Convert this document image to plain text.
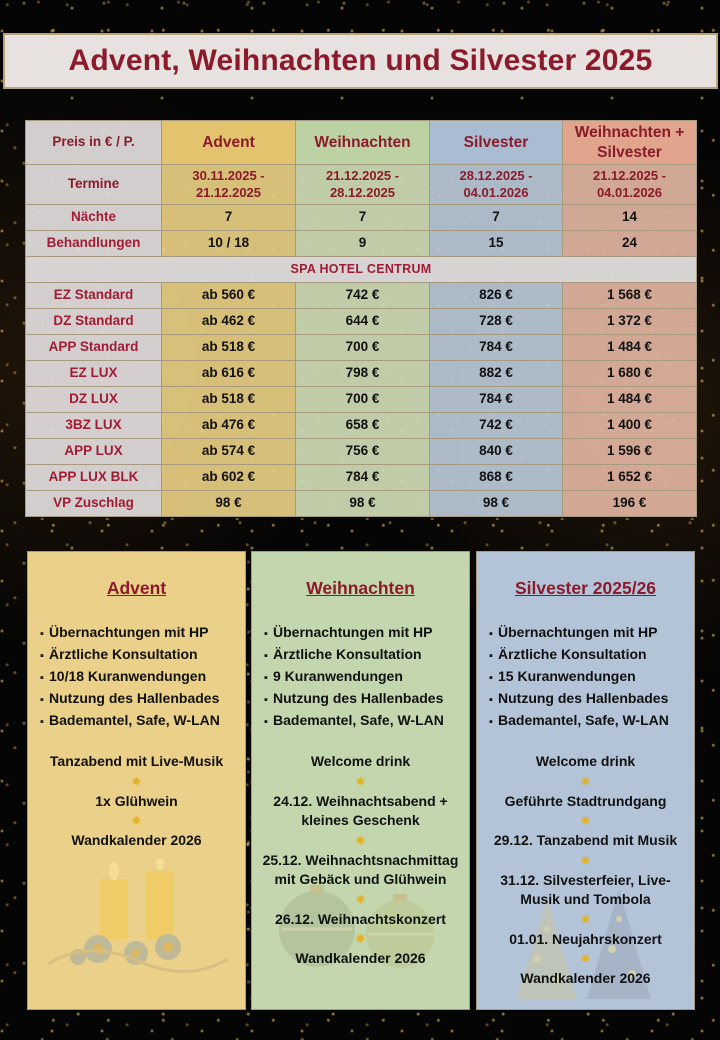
Advent, Weihnachten und Silvester 2025
Preis in € / P.	Advent	Weihnachten	Silvester	Weihnachten + Silvester
Termine	30.11.2025 - 21.12.2025	21.12.2025 - 28.12.2025	28.12.2025 - 04.01.2026	21.12.2025 - 04.01.2026
Nächte	7	7	7	14
Behandlungen	10 / 18	9	15	24
SPA HOTEL CENTRUM				
EZ Standard	ab 560 €	742 €	826 €	1 568 €
DZ Standard	ab 462 €	644 €	728 €	1 372 €
APP Standard	ab 518 €	700 €	784 €	1 484 €
EZ LUX	ab 616 €	798 €	882 €	1 680 €
DZ LUX	ab 518 €	700 €	784 €	1 484 €
3BZ LUX	ab 476 €	658 €	742 €	1 400 €
APP LUX	ab 574 €	756 €	840 €	1 596 €
APP LUX BLK	ab 602 €	784 €	868 €	1 652 €
VP Zuschlag	98 €	98 €	98 €	196 €
Advent
▪ Übernachtungen mit HP
▪ Ärztliche Konsultation
▪ 10/18 Kuranwendungen
▪ Nutzung des Hallenbades
▪ Bademantel, Safe, W-LAN
Tanzabend mit Live-Musik
✸
1x Glühwein
✸
Wandkalender 2026
Weihnachten
▪ Übernachtungen mit HP
▪ Ärztliche Konsultation
▪ 9 Kuranwendungen
▪ Nutzung des Hallenbades
▪ Bademantel, Safe, W-LAN
Welcome drink
✸
24.12. Weihnachtsabend + kleines Geschenk
✸
25.12. Weihnachtsnachmittag mit Gebäck und Glühwein
✸
26.12. Weihnachtskonzert
✸
Wandkalender 2026
Silvester 2025/26
▪ Übernachtungen mit HP
▪ Ärztliche Konsultation
▪ 15 Kuranwendungen
▪ Nutzung des Hallenbades
▪ Bademantel, Safe, W-LAN
Welcome drink
✸
Geführte Stadtrundgang
✸
29.12. Tanzabend mit Musik
✸
31.12. Silvesterfeier, Live-Musik und Tombola
✸
01.01. Neujahrskonzert
✸
Wandkalender 2026
